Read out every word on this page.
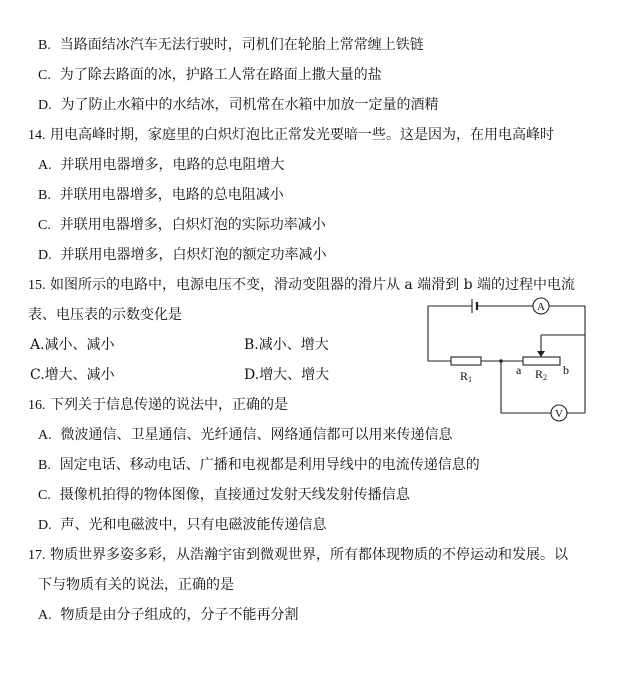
B. 当路面结冰汽车无法行驶时，司机们在轮胎上常常缠上铁链
C. 为了除去路面的冰，护路工人常在路面上撒大量的盐
D. 为了防止水箱中的水结冰，司机常在水箱中加放一定量的酒精
14. 用电高峰时期，家庭里的白炽灯泡比正常发光要暗一些。这是因为，在用电高峰时
A. 并联用电器增多，电路的总电阻增大
B. 并联用电器增多，电路的总电阻减小
C. 并联用电器增多，白炽灯泡的实际功率减小
D. 并联用电器增多，白炽灯泡的额定功率减小
15. 如图所示的电路中，电源电压不变，滑动变阻器的滑片从 a 端滑到 b 端的过程中电流
表、电压表的示数变化是
A.减小、减小	B.减小、增大
C.增大、减小	D.增大、增大
A
V
R1	R2
a	b
16. 下列关于信息传递的说法中，正确的是
A. 微波通信、卫星通信、光纤通信、网络通信都可以用来传递信息
B. 固定电话、移动电话、广播和电视都是利用导线中的电流传递信息的
C. 摄像机拍得的物体图像，直接通过发射天线发射传播信息
D. 声、光和电磁波中，只有电磁波能传递信息
17. 物质世界多姿多彩，从浩瀚宇宙到微观世界，所有都体现物质的不停运动和发展。以
下与物质有关的说法，正确的是
A. 物质是由分子组成的，分子不能再分割
